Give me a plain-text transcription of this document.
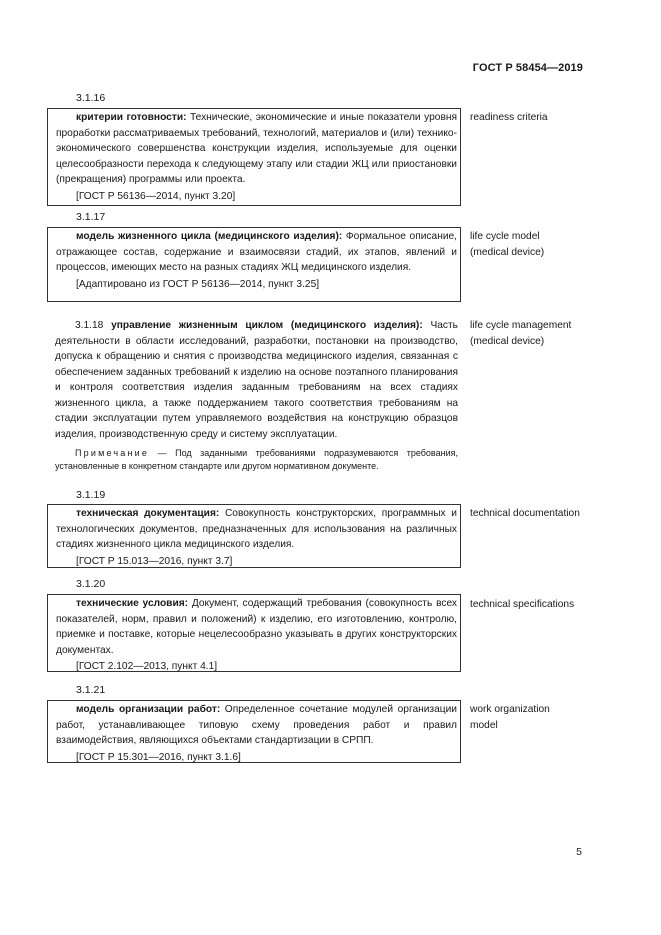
ГОСТ Р 58454—2019
3.1.16
критерии готовности: Технические, экономические и иные показатели уровня проработки рассматриваемых требований, технологий, материалов и (или) технико-экономического совершенства конструкции изделия, используемые для оценки целесообразности перехода к следующему этапу или стадии ЖЦ или приостановки (прекращения) программы или проекта.
[ГОСТ Р 56136—2014, пункт 3.20]
readiness criteria
3.1.17
модель жизненного цикла (медицинского изделия): Формальное описание, отражающее состав, содержание и взаимосвязи стадий, их этапов, явлений и процессов, имеющих место на разных стадиях ЖЦ медицинского изделия.
[Адаптировано из ГОСТ Р 56136—2014, пункт 3.25]
life cycle model (medical device)
3.1.18 управление жизненным циклом (медицинского изделия): Часть деятельности в области исследований, разработки, постановки на производство, допуска к обращению и снятия с производства медицинского изделия, связанная с обеспечением заданных требований к изделию на основе поэтапного планирования и контроля соответствия изделия заданным требованиям на всех стадиях жизненного цикла, а также поддержанием такого соответствия требованиям на стадии эксплуатации путем управляемого воздействия на конструкцию образцов изделия, производственную среду и систему эксплуатации.
life cycle management (medical device)
Примечание — Под заданными требованиями подразумеваются требования, установленные в конкретном стандарте или другом нормативном документе.
3.1.19
техническая документация: Совокупность конструкторских, программных и технологических документов, предназначенных для использования на различных стадиях жизненного цикла медицинского изделия.
[ГОСТ Р 15.013—2016, пункт 3.7]
technical documentation
3.1.20
технические условия: Документ, содержащий требования (совокупность всех показателей, норм, правил и положений) к изделию, его изготовлению, контролю, приемке и поставке, которые нецелесообразно указывать в других конструкторских документах.
[ГОСТ 2.102—2013, пункт 4.1]
technical specifications
3.1.21
модель организации работ: Определенное сочетание модулей организации работ, устанавливающее типовую схему проведения работ и правил взаимодействия, являющихся объектами стандартизации в СРПП.
[ГОСТ Р 15.301—2016, пункт 3.1.6]
work organization model
5
